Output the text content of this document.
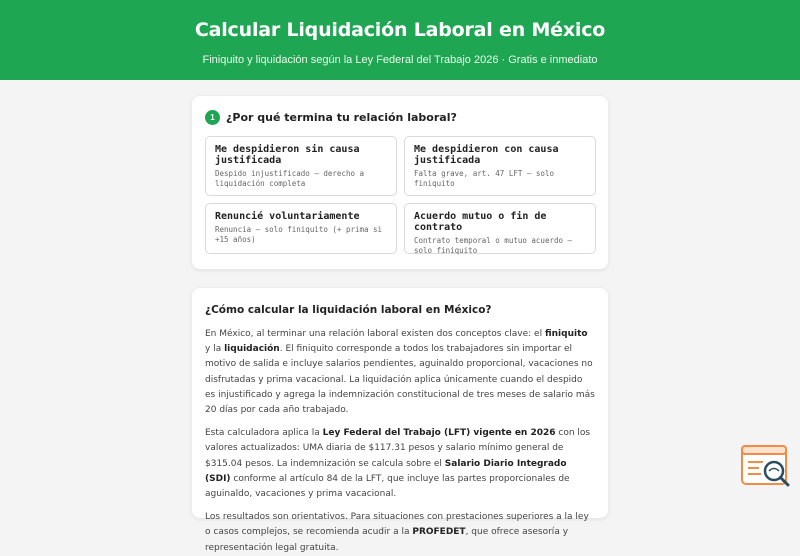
Calcular Liquidación Laboral en México

Finiquito y liquidación según la Ley Federal del Trabajo 2026 · Gratis e inmediato

1	¿Por qué termina tu relación laboral?
Me despidieron sin causa justificada
Despido injustificado — derecho a liquidación completa
Me despidieron con causa justificada
Falta grave, art. 47 LFT — solo finiquito
Renuncié voluntariamente
Renuncia — solo finiquito (+ prima si +15 años)
Acuerdo mutuo o fin de contrato
Contrato temporal o mutuo acuerdo — solo finiquito
¿Cómo calcular la liquidación laboral en México?

En México, al terminar una relación laboral existen dos conceptos clave: el finiquito y la liquidación. El finiquito corresponde a todos los trabajadores sin importar el motivo de salida e incluye salarios pendientes, aguinaldo proporcional, vacaciones no disfrutadas y prima vacacional. La liquidación aplica únicamente cuando el despido es injustificado y agrega la indemnización constitucional de tres meses de salario más 20 días por cada año trabajado.

Esta calculadora aplica la Ley Federal del Trabajo (LFT) vigente en 2026 con los valores actualizados: UMA diaria de $117.31 pesos y salario mínimo general de $315.04 pesos. La indemnización se calcula sobre el Salario Diario Integrado (SDI) conforme al artículo 84 de la LFT, que incluye las partes proporcionales de aguinaldo, vacaciones y prima vacacional.

Los resultados son orientativos. Para situaciones con prestaciones superiores a la ley o casos complejos, se recomienda acudir a la PROFEDET, que ofrece asesoría y representación legal gratuita.
